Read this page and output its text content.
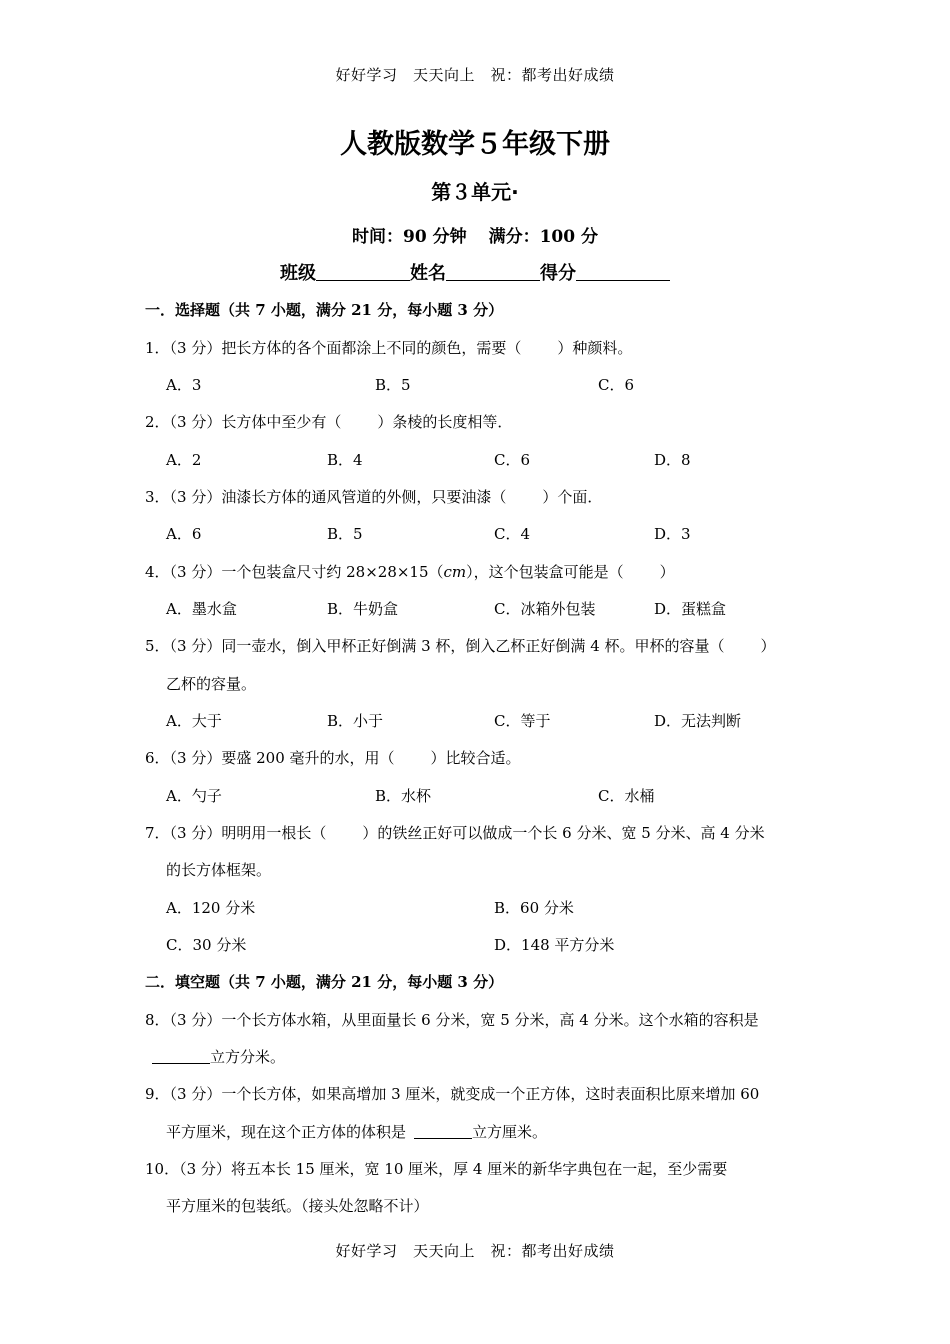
好好学习　天天向上　祝：都考出好成绩
人教版数学５年级下册
第３单元·
时间：90 分钟 满分：100 分
班级	姓名	得分
一．选择题（共 7 小题，满分 21 分，每小题 3 分）
1．（3 分）把长方体的各个面都涂上不同的颜色，需要（ ）种颜料。
A．3	B．5	C．6
2．（3 分）长方体中至少有（ ）条棱的长度相等．
A．2	B．4	C．6	D．8
3．（3 分）油漆长方体的通风管道的外侧，只要油漆（ ）个面．
A．6	B．5	C．4	D．3
4．（3 分）一个包装盒尺寸约 28×28×15（cm），这个包装盒可能是（ ）
A．墨水盒	B．牛奶盒	C．冰箱外包装	D．蛋糕盒
5．（3 分）同一壶水，倒入甲杯正好倒满 3 杯，倒入乙杯正好倒满 4 杯。甲杯的容量（ ）
乙杯的容量。
A．大于	B．小于	C．等于	D．无法判断
6．（3 分）要盛 200 毫升的水，用（ ）比较合适。
A．勺子	B．水杯	C．水桶
7．（3 分）明明用一根长（ ）的铁丝正好可以做成一个长 6 分米、宽 5 分米、高 4 分米
的长方体框架。
A．120 分米	B．60 分米
C．30 分米	D．148 平方分米
二．填空题（共 7 小题，满分 21 分，每小题 3 分）
8．（3 分）一个长方体水箱，从里面量长 6 分米，宽 5 分米，高 4 分米。这个水箱的容积是
立方分米。
9．（3 分）一个长方体，如果高增加 3 厘米，就变成一个正方体，这时表面积比原来增加 60
平方厘米，现在这个正方体的体积是	立方厘米。
10．（3 分）将五本长 15 厘米，宽 10 厘米，厚 4 厘米的新华字典包在一起，至少需要
平方厘米的包装纸。（接头处忽略不计）
好好学习　天天向上　祝：都考出好成绩
